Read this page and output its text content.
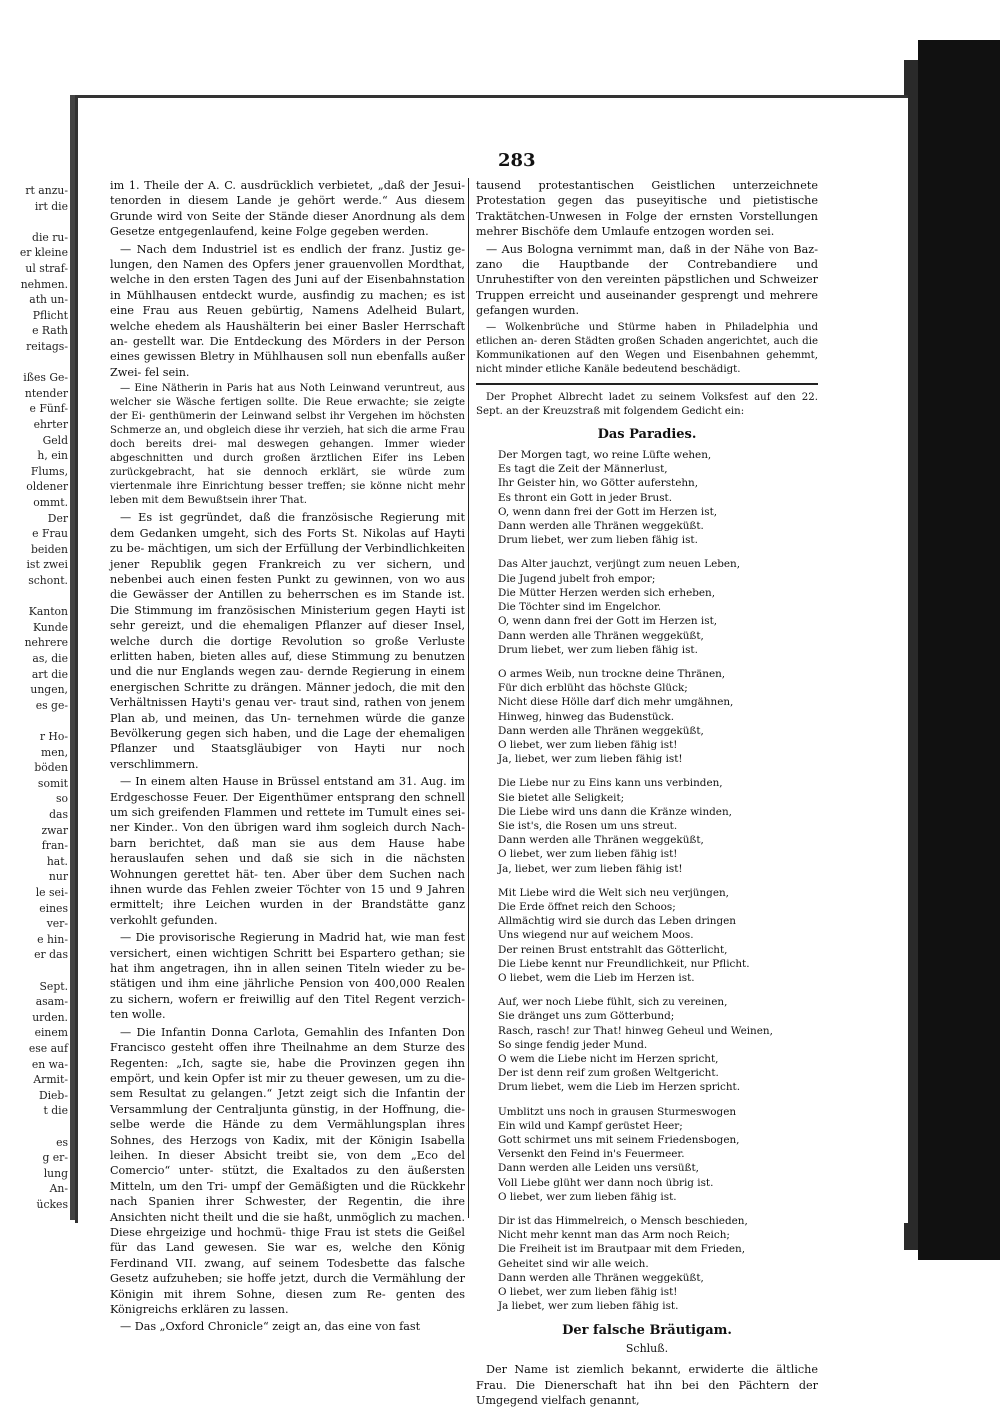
rt anzu-
irt die
die ru-
er kleine
ul straf-
nehmen.
ath un-
Pflicht
e Rath
reitags-
ißes Ge-
ntender
e Fünf-
ehrter
Geld
h, ein
Flums,
oldener
ommt.
Der
e Frau
beiden
ist zwei
schont.
Kanton
Kunde
nehrere
as, die
art die
ungen,
es ge-
r Ho-
men,
böden
somit
so
das
zwar
fran-
hat.
nur
le sei-
eines
ver-
e hin-
er das
Sept.
asam-
urden.
einem
ese auf
en wa-
Armit-
Dieb-
t die
es
g er-
lung
An-
ückes
283

im 1. Theile der A. C. ausdrücklich verbietet, „daß der Jesui- tenorden in diesem Lande je gehört werde.“ Aus diesem Grunde wird von Seite der Stände dieser Anordnung als dem Gesetze entgegenlaufend, keine Folge gegeben werden.

— Nach dem Industriel ist es endlich der franz. Justiz ge- lungen, den Namen des Opfers jener grauenvollen Mordthat, welche in den ersten Tagen des Juni auf der Eisenbahnstation in Mühlhausen entdeckt wurde, ausfindig zu machen; es ist eine Frau aus Reuen gebürtig, Namens Adelheid Bulart, welche ehedem als Haushälterin bei einer Basler Herrschaft an- gestellt war. Die Entdeckung des Mörders in der Person eines gewissen Bletry in Mühlhausen soll nun ebenfalls außer Zwei- fel sein.

— Eine Nätherin in Paris hat aus Noth Leinwand veruntreut, aus welcher sie Wäsche fertigen sollte. Die Reue erwachte; sie zeigte der Ei- genthümerin der Leinwand selbst ihr Vergehen im höchsten Schmerze an, und obgleich diese ihr verzieh, hat sich die arme Frau doch bereits drei- mal deswegen gehangen. Immer wieder abgeschnitten und durch großen ärztlichen Eifer ins Leben zurückgebracht, hat sie dennoch erklärt, sie würde zum viertenmale ihre Einrichtung besser treffen; sie könne nicht mehr leben mit dem Bewußtsein ihrer That.

— Es ist gegründet, daß die französische Regierung mit dem Gedanken umgeht, sich des Forts St. Nikolas auf Hayti zu be- mächtigen, um sich der Erfüllung der Verbindlichkeiten jener Republik gegen Frankreich zu ver sichern, und nebenbei auch einen festen Punkt zu gewinnen, von wo aus die Gewässer der Antillen zu beherrschen es im Stande ist. Die Stimmung im französischen Ministerium gegen Hayti ist sehr gereizt, und die ehemaligen Pflanzer auf dieser Insel, welche durch die dortige Revolution so große Verluste erlitten haben, bieten alles auf, diese Stimmung zu benutzen und die nur Englands wegen zau- dernde Regierung in einem energischen Schritte zu drängen. Männer jedoch, die mit den Verhältnissen Hayti's genau ver- traut sind, rathen von jenem Plan ab, und meinen, das Un- ternehmen würde die ganze Bevölkerung gegen sich haben, und die Lage der ehemaligen Pflanzer und Staatsgläubiger von Hayti nur noch verschlimmern.

— In einem alten Hause in Brüssel entstand am 31. Aug. im Erdgeschosse Feuer. Der Eigenthümer entsprang den schnell um sich greifenden Flammen und rettete im Tumult eines sei- ner Kinder.. Von den übrigen ward ihm sogleich durch Nach- barn berichtet, daß man sie aus dem Hause habe herauslaufen sehen und daß sie sich in die nächsten Wohnungen gerettet hät- ten. Aber über dem Suchen nach ihnen wurde das Fehlen zweier Töchter von 15 und 9 Jahren ermittelt; ihre Leichen wurden in der Brandstätte ganz verkohlt gefunden.

— Die provisorische Regierung in Madrid hat, wie man fest versichert, einen wichtigen Schritt bei Espartero gethan; sie hat ihm angetragen, ihn in allen seinen Titeln wieder zu be- stätigen und ihm eine jährliche Pension von 400,000 Realen zu sichern, wofern er freiwillig auf den Titel Regent verzich- ten wolle.

— Die Infantin Donna Carlota, Gemahlin des Infanten Don Francisco gesteht offen ihre Theilnahme an dem Sturze des Regenten: „Ich, sagte sie, habe die Provinzen gegen ihn empört, und kein Opfer ist mir zu theuer gewesen, um zu die- sem Resultat zu gelangen.“ Jetzt zeigt sich die Infantin der Versammlung der Centraljunta günstig, in der Hoffnung, die- selbe werde die Hände zu dem Vermählungsplan ihres Sohnes, des Herzogs von Kadix, mit der Königin Isabella leihen. In dieser Absicht treibt sie, von dem „Eco del Comercio“ unter- stützt, die Exaltados zu den äußersten Mitteln, um den Tri- umpf der Gemäßigten und die Rückkehr nach Spanien ihrer Schwester, der Regentin, die ihre Ansichten nicht theilt und die sie haßt, unmöglich zu machen. Diese ehrgeizige und hochmü- thige Frau ist stets die Geißel für das Land gewesen. Sie war es, welche den König Ferdinand VII. zwang, auf seinem Todesbette das falsche Gesetz aufzuheben; sie hoffe jetzt, durch die Vermählung der Königin mit ihrem Sohne, diesen zum Re- genten des Königreichs erklären zu lassen.

— Das „Oxford Chronicle“ zeigt an, das eine von fast

tausend protestantischen Geistlichen unterzeichnete Protestation gegen das puseyitische und pietistische Traktätchen-Unwesen in Folge der ernsten Vorstellungen mehrer Bischöfe dem Umlaufe entzogen worden sei.

— Aus Bologna vernimmt man, daß in der Nähe von Baz- zano die Hauptbande der Contrebandiere und Unruhestifter von den vereinten päpstlichen und Schweizer Truppen erreicht und auseinander gesprengt und mehrere gefangen wurden.

— Wolkenbrüche und Stürme haben in Philadelphia und etlichen an- deren Städten großen Schaden angerichtet, auch die Kommunikationen auf den Wegen und Eisenbahnen gehemmt, nicht minder etliche Kanäle bedeutend beschädigt.

Der Prophet Albrecht ladet zu seinem Volksfest auf den 22. Sept. an der Kreuzstraß mit folgendem Gedicht ein:

Das Paradies.
Der Morgen tagt, wo reine Lüfte wehen,
Es tagt die Zeit der Männerlust,
Ihr Geister hin, wo Götter auferstehn,
Es thront ein Gott in jeder Brust.
O, wenn dann frei der Gott im Herzen ist,
Dann werden alle Thränen weggeküßt.
Drum liebet, wer zum lieben fähig ist.
Das Alter jauchzt, verjüngt zum neuen Leben,
Die Jugend jubelt froh empor;
Die Mütter Herzen werden sich erheben,
Die Töchter sind im Engelchor.
O, wenn dann frei der Gott im Herzen ist,
Dann werden alle Thränen weggeküßt,
Drum liebet, wer zum lieben fähig ist.
O armes Weib, nun trockne deine Thränen,
Für dich erblüht das höchste Glück;
Nicht diese Hölle darf dich mehr umgähnen,
Hinweg, hinweg das Budenstück.
Dann werden alle Thränen weggeküßt,
O liebet, wer zum lieben fähig ist!
Ja, liebet, wer zum lieben fähig ist!
Die Liebe nur zu Eins kann uns verbinden,
Sie bietet alle Seligkeit;
Die Liebe wird uns dann die Kränze winden,
Sie ist's, die Rosen um uns streut.
Dann werden alle Thränen weggeküßt,
O liebet, wer zum lieben fähig ist!
Ja, liebet, wer zum lieben fähig ist!
Mit Liebe wird die Welt sich neu verjüngen,
Die Erde öffnet reich den Schoos;
Allmächtig wird sie durch das Leben dringen
Uns wiegend nur auf weichem Moos.
Der reinen Brust entstrahlt das Götterlicht,
Die Liebe kennt nur Freundlichkeit, nur Pflicht.
O liebet, wem die Lieb im Herzen ist.
Auf, wer noch Liebe fühlt, sich zu vereinen,
Sie dränget uns zum Götterbund;
Rasch, rasch! zur That! hinweg Geheul und Weinen,
So singe fendig jeder Mund.
O wem die Liebe nicht im Herzen spricht,
Der ist denn reif zum großen Weltgericht.
Drum liebet, wem die Lieb im Herzen spricht.
Umblitzt uns noch in grausen Sturmeswogen
Ein wild und Kampf gerüstet Heer;
Gott schirmet uns mit seinem Friedensbogen,
Versenkt den Feind in's Feuermeer.
Dann werden alle Leiden uns versüßt,
Voll Liebe glüht wer dann noch übrig ist.
O liebet, wer zum lieben fähig ist.
Dir ist das Himmelreich, o Mensch beschieden,
Nicht mehr kennt man das Arm noch Reich;
Die Freiheit ist im Brautpaar mit dem Frieden,
Geheitet sind wir alle weich.
Dann werden alle Thränen weggeküßt,
O liebet, wer zum lieben fähig ist!
Ja liebet, wer zum lieben fähig ist.
Der falsche Bräutigam.
Schluß.

Der Name ist ziemlich bekannt, erwiderte die ältliche Frau. Die Dienerschaft hat ihn bei den Pächtern der Umgegend vielfach genannt,
